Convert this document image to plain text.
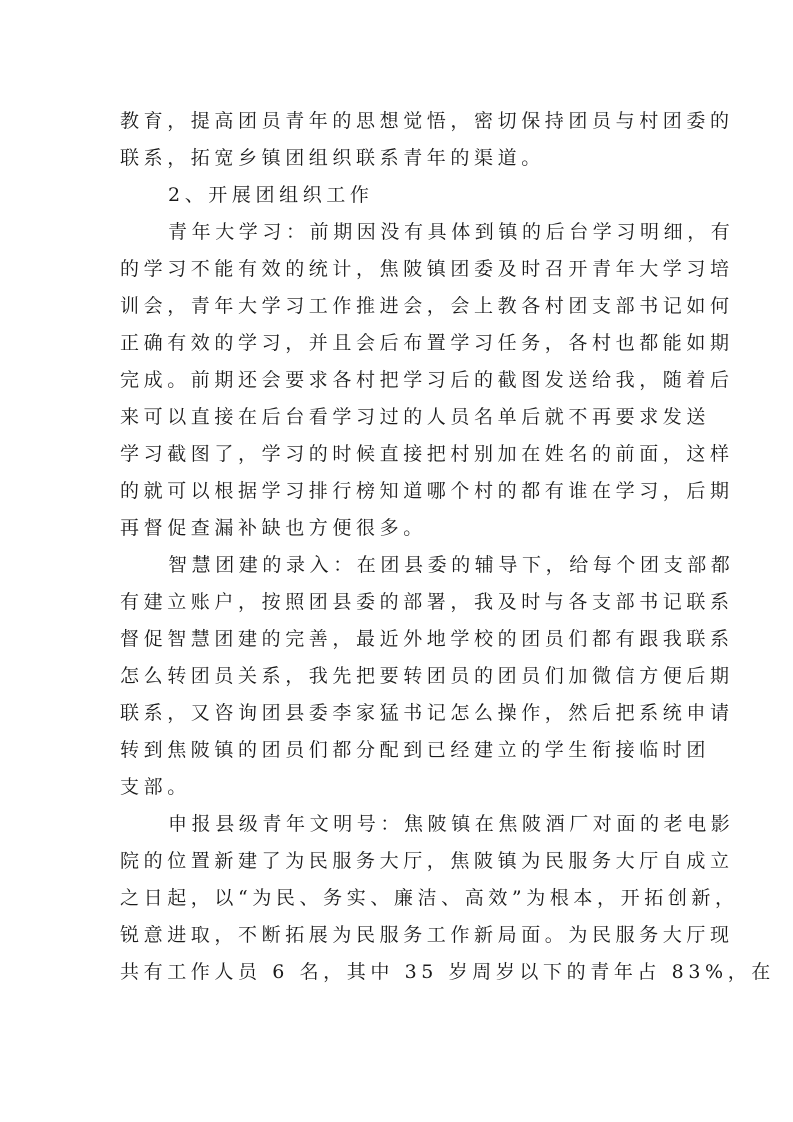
教育，提高团员青年的思想觉悟，密切保持团员与村团委的
联系，拓宽乡镇团组织联系青年的渠道。
2、开展团组织工作
青年大学习：前期因没有具体到镇的后台学习明细，有
的学习不能有效的统计，焦陂镇团委及时召开青年大学习培
训会，青年大学习工作推进会，会上教各村团支部书记如何
正确有效的学习，并且会后布置学习任务，各村也都能如期
完成。前期还会要求各村把学习后的截图发送给我，随着后
来可以直接在后台看学习过的人员名单后就不再要求发送
学习截图了，学习的时候直接把村别加在姓名的前面，这样
的就可以根据学习排行榜知道哪个村的都有谁在学习，后期
再督促查漏补缺也方便很多。
智慧团建的录入：在团县委的辅导下，给每个团支部都
有建立账户，按照团县委的部署，我及时与各支部书记联系
督促智慧团建的完善，最近外地学校的团员们都有跟我联系
怎么转团员关系，我先把要转团员的团员们加微信方便后期
联系，又咨询团县委李家猛书记怎么操作，然后把系统申请
转到焦陂镇的团员们都分配到已经建立的学生衔接临时团
支部。
申报县级青年文明号：焦陂镇在焦陂酒厂对面的老电影
院的位置新建了为民服务大厅，焦陂镇为民服务大厅自成立
之日起，以“为民、务实、廉洁、高效”为根本，开拓创新，
锐意进取，不断拓展为民服务工作新局面。为民服务大厅现
共有工作人员 6 名，其中 35 岁周岁以下的青年占 83%，在
